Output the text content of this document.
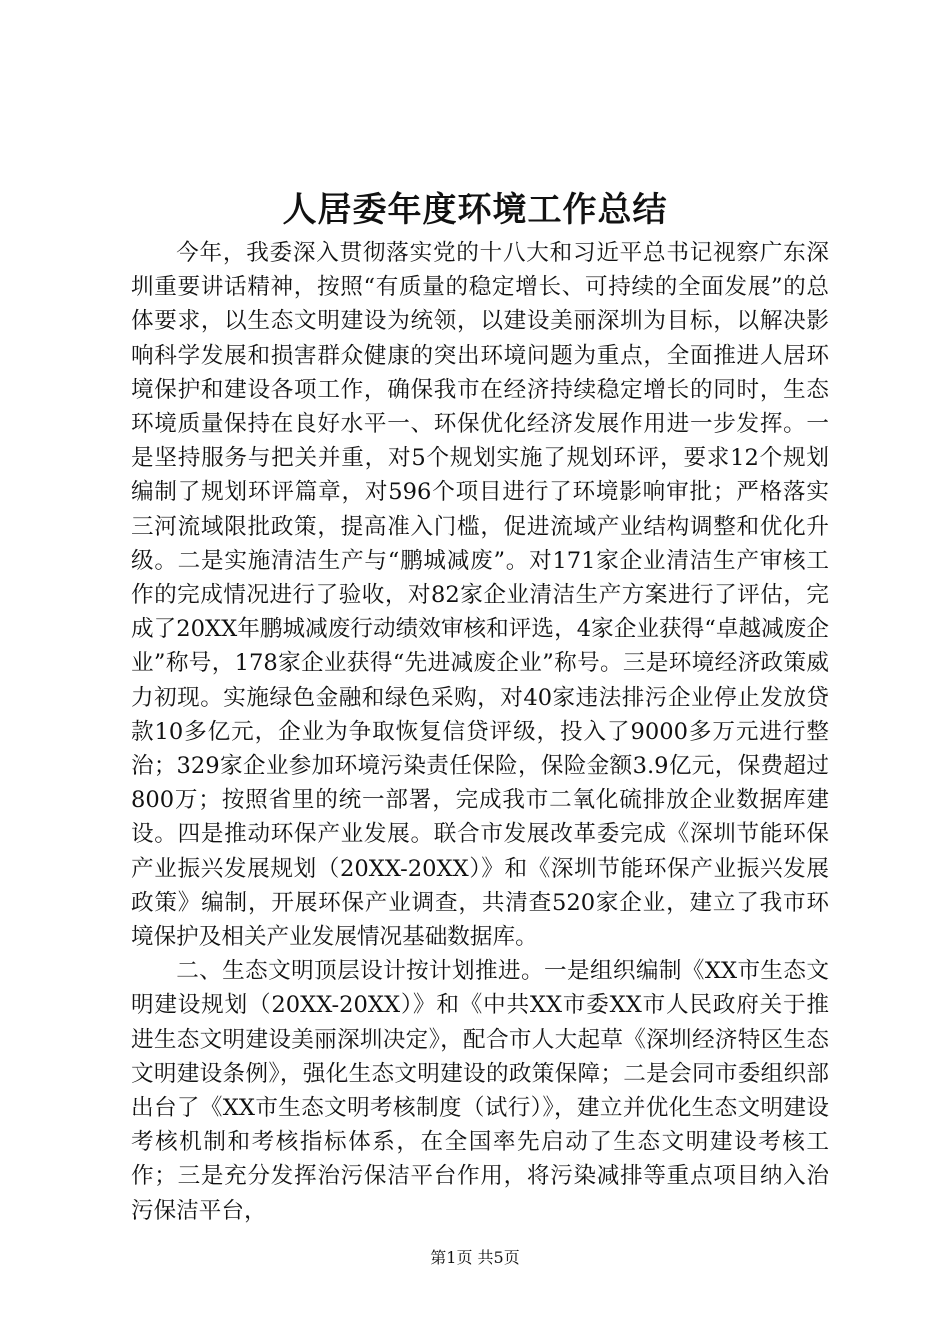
人居委年度环境工作总结

今年，我委深入贯彻落实党的十八大和习近平总书记视察广东深圳重要讲话精神，按照“有质量的稳定增长、可持续的全面发展”的总体要求，以生态文明建设为统领，以建设美丽深圳为目标，以解决影响科学发展和损害群众健康的突出环境问题为重点，全面推进人居环境保护和建设各项工作，确保我市在经济持续稳定增长的同时，生态环境质量保持在良好水平一、环保优化经济发展作用进一步发挥。一是坚持服务与把关并重，对5个规划实施了规划环评，要求12个规划编制了规划环评篇章，对596个项目进行了环境影响审批；严格落实三河流域限批政策，提高准入门槛，促进流域产业结构调整和优化升级。二是实施清洁生产与“鹏城减废”。对171家企业清洁生产审核工作的完成情况进行了验收，对82家企业清洁生产方案进行了评估，完成了20XX年鹏城减废行动绩效审核和评选，4家企业获得“卓越减废企业”称号，178家企业获得“先进减废企业”称号。三是环境经济政策威力初现。实施绿色金融和绿色采购，对40家违法排污企业停止发放贷款10多亿元，企业为争取恢复信贷评级，投入了9000多万元进行整治；329家企业参加环境污染责任保险，保险金额3.9亿元，保费超过800万；按照省里的统一部署，完成我市二氧化硫排放企业数据库建设。四是推动环保产业发展。联合市发展改革委完成《深圳节能环保产业振兴发展规划（20XX-20XX）》和《深圳节能环保产业振兴发展政策》编制，开展环保产业调查，共清查520家企业，建立了我市环境保护及相关产业发展情况基础数据库。

二、生态文明顶层设计按计划推进。一是组织编制《XX市生态文明建设规划（20XX-20XX）》和《中共XX市委XX市人民政府关于推进生态文明建设美丽深圳决定》，配合市人大起草《深圳经济特区生态文明建设条例》，强化生态文明建设的政策保障；二是会同市委组织部出台了《XX市生态文明考核制度（试行）》，建立并优化生态文明建设考核机制和考核指标体系，在全国率先启动了生态文明建设考核工作；三是充分发挥治污保洁平台作用，将污染减排等重点项目纳入治污保洁平台，

第1页 共5页
